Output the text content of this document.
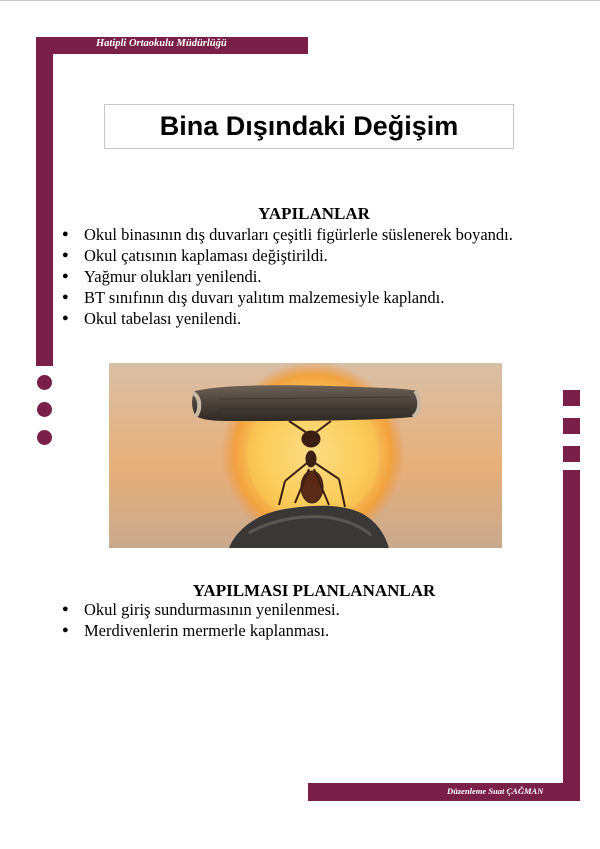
Hatipli Ortaokulu Müdürlüğü
Bina Dışındaki Değişim
YAPILANLAR
● Okul binasının dış duvarları çeşitli figürlerle süslenerek boyandı.
● Okul çatısının kaplaması değiştirildi.
● Yağmur olukları yenilendi.
● BT sınıfının dış duvarı yalıtım malzemesiyle kaplandı.
● Okul tabelası yenilendi.
YAPILMASI PLANLANANLAR
● Okul giriş sundurmasının yenilenmesi.
● Merdivenlerin mermerle kaplanması.
Düzenleme Suat ÇAĞMAN
